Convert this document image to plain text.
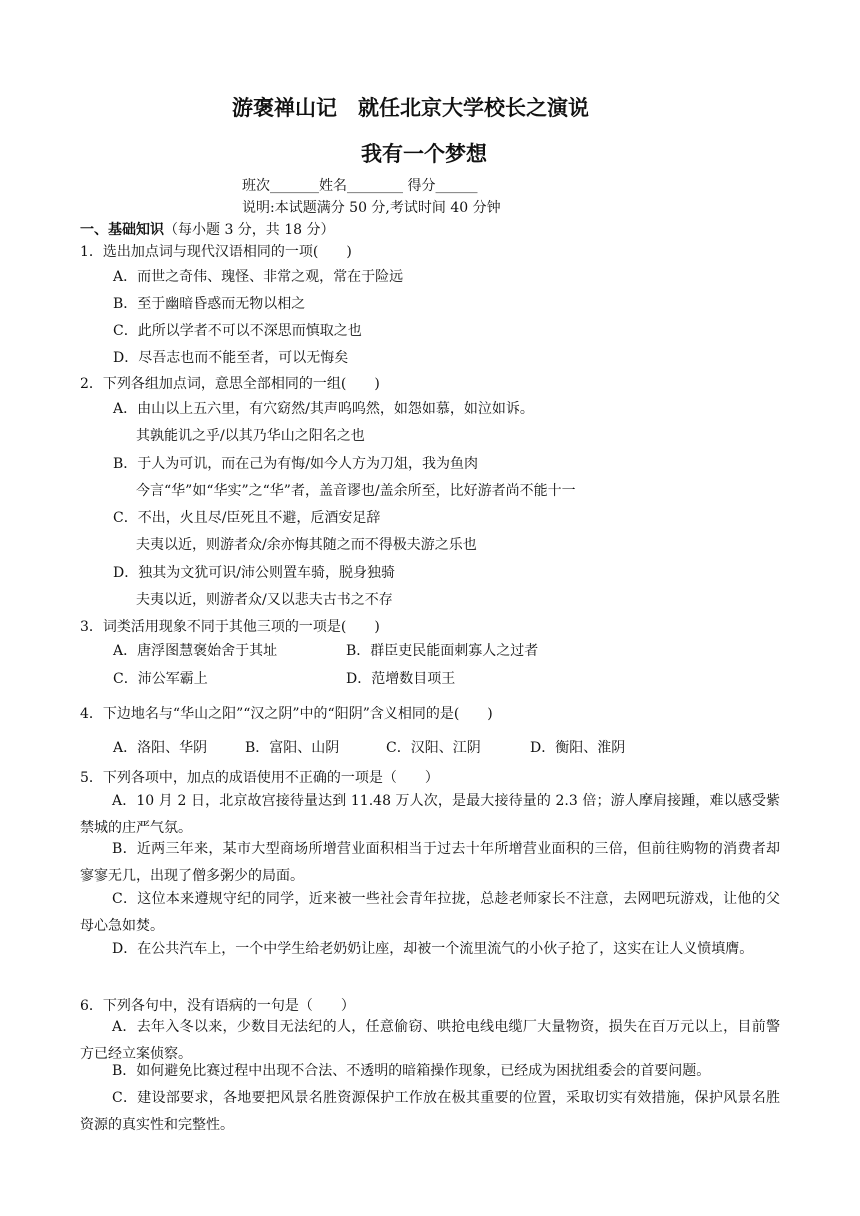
游褒禅山记　就任北京大学校长之演说
我有一个梦想
班次_______姓名________ 得分______
说明:本试题满分 50 分,考试时间 40 分钟
一、基础知识（每小题 3 分，共 18 分）
1．选出加点词与现代汉语相同的一项(　　)
A．而世之奇伟、瑰怪、非常之观，常在于险远
B．至于幽暗昏惑而无物以相之
C．此所以学者不可以不深思而慎取之也
D．尽吾志也而不能至者，可以无悔矣
2．下列各组加点词，意思全部相同的一组(　　)
A．由山以上五六里，有穴窈然/其声呜呜然，如怨如慕，如泣如诉。
其孰能讥之乎/以其乃华山之阳名之也
B．于人为可讥，而在己为有悔/如今人方为刀俎，我为鱼肉
今言“华”如“华实”之“华”者，盖音谬也/盖余所至，比好游者尚不能十一
C．不出，火且尽/臣死且不避，卮酒安足辞
夫夷以近，则游者众/余亦悔其随之而不得极夫游之乐也
D．独其为文犹可识/沛公则置车骑，脱身独骑
夫夷以近，则游者众/又以悲夫古书之不存
3．词类活用现象不同于其他三项的一项是(　　)
A．唐浮图慧褒始舍于其址	B．群臣吏民能面刺寡人之过者
C．沛公军霸上	D．范增数目项王
4．下边地名与“华山之阳”“汉之阴”中的“阳阴”含义相同的是(　　)
A．洛阳、华阴	B．富阳、山阴	C．汉阳、江阴	D．衡阳、淮阴
5．下列各项中，加点的成语使用不正确的一项是（　　）
A．10 月 2 日，北京故宫接待量达到 11.48 万人次，是最大接待量的 2.3 倍；游人摩肩接踵，难以感受紫禁城的庄严气氛。
B．近两三年来，某市大型商场所增营业面积相当于过去十年所增营业面积的三倍，但前往购物的消费者却寥寥无几，出现了僧多粥少的局面。
C．这位本来遵规守纪的同学，近来被一些社会青年拉拢，总趁老师家长不注意，去网吧玩游戏，让他的父母心急如焚。
D．在公共汽车上，一个中学生给老奶奶让座，却被一个流里流气的小伙子抢了，这实在让人义愤填膺。
6．下列各句中，没有语病的一句是（　　）
A．去年入冬以来，少数目无法纪的人，任意偷窃、哄抢电线电缆厂大量物资，损失在百万元以上，目前警方已经立案侦察。
B．如何避免比赛过程中出现不合法、不透明的暗箱操作现象，已经成为困扰组委会的首要问题。
C．建设部要求，各地要把风景名胜资源保护工作放在极其重要的位置，采取切实有效措施，保护风景名胜资源的真实性和完整性。
